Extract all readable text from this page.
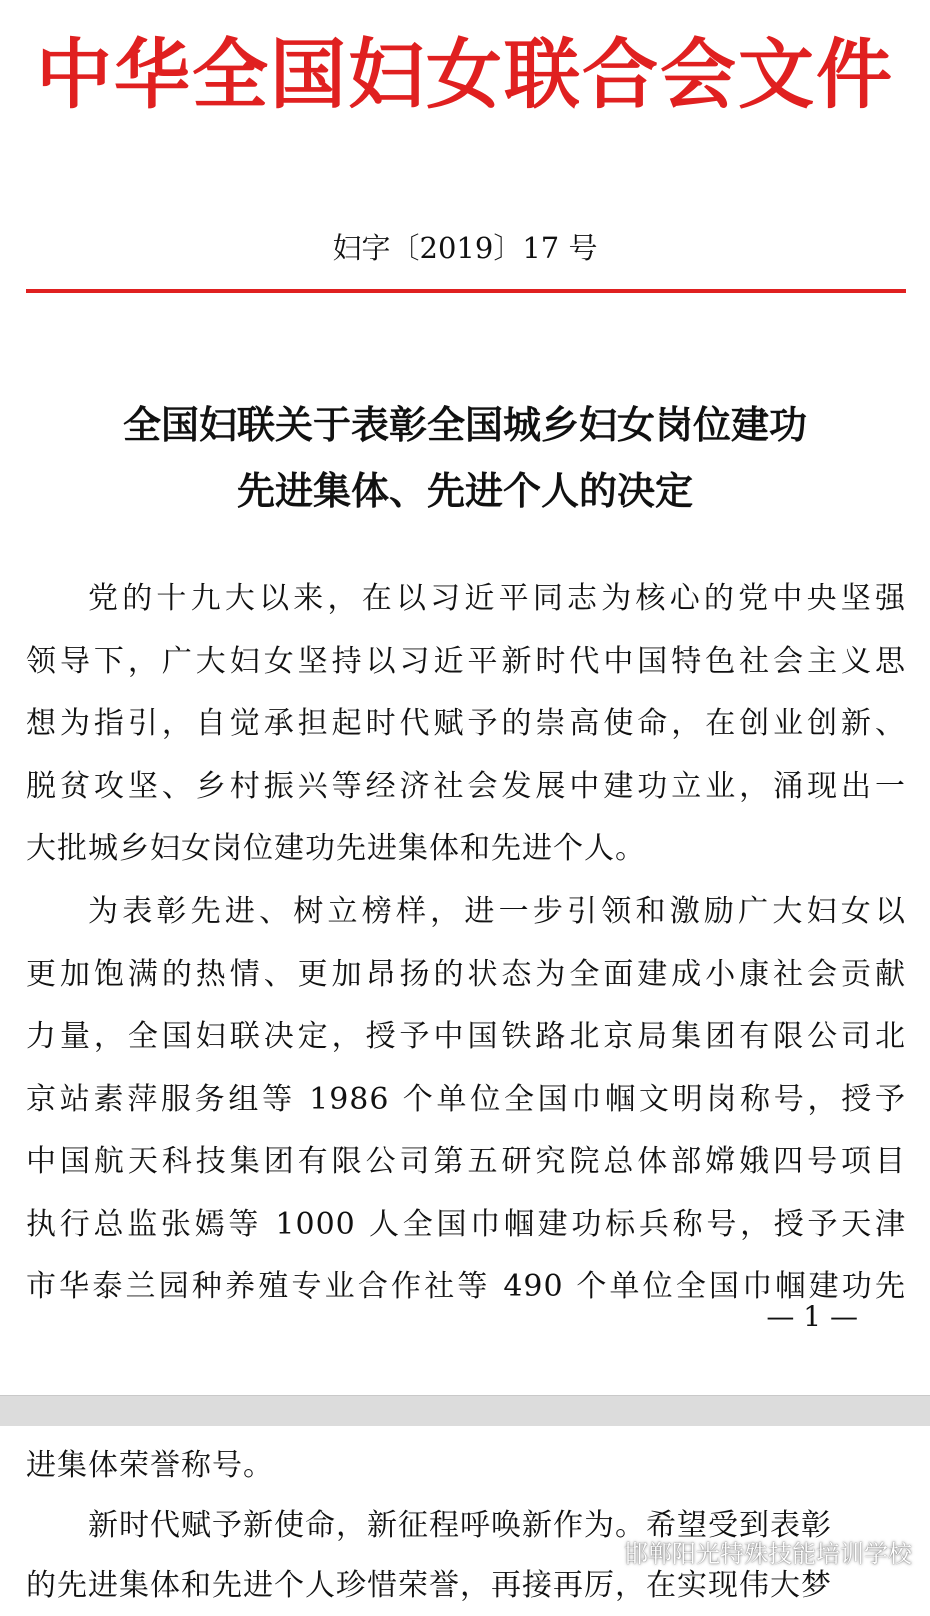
中华全国妇女联合会文件
妇字〔2019〕17 号
全国妇联关于表彰全国城乡妇女岗位建功
先进集体、先进个人的决定
党的十九大以来，在以习近平同志为核心的党中央坚强
领导下，广大妇女坚持以习近平新时代中国特色社会主义思
想为指引，自觉承担起时代赋予的崇高使命，在创业创新、
脱贫攻坚、乡村振兴等经济社会发展中建功立业，涌现出一
大批城乡妇女岗位建功先进集体和先进个人。
为表彰先进、树立榜样，进一步引领和激励广大妇女以
更加饱满的热情、更加昂扬的状态为全面建成小康社会贡献
力量，全国妇联决定，授予中国铁路北京局集团有限公司北
京站素萍服务组等 1986 个单位全国巾帼文明岗称号，授予
中国航天科技集团有限公司第五研究院总体部嫦娥四号项目
执行总监张嫣等 1000 人全国巾帼建功标兵称号，授予天津
市华泰兰园种养殖专业合作社等 490 个单位全国巾帼建功先
— 1 —
进集体荣誉称号。
新时代赋予新使命，新征程呼唤新作为。希望受到表彰
的先进集体和先进个人珍惜荣誉，再接再厉，在实现伟大梦
邯郸阳光特殊技能培训学校
